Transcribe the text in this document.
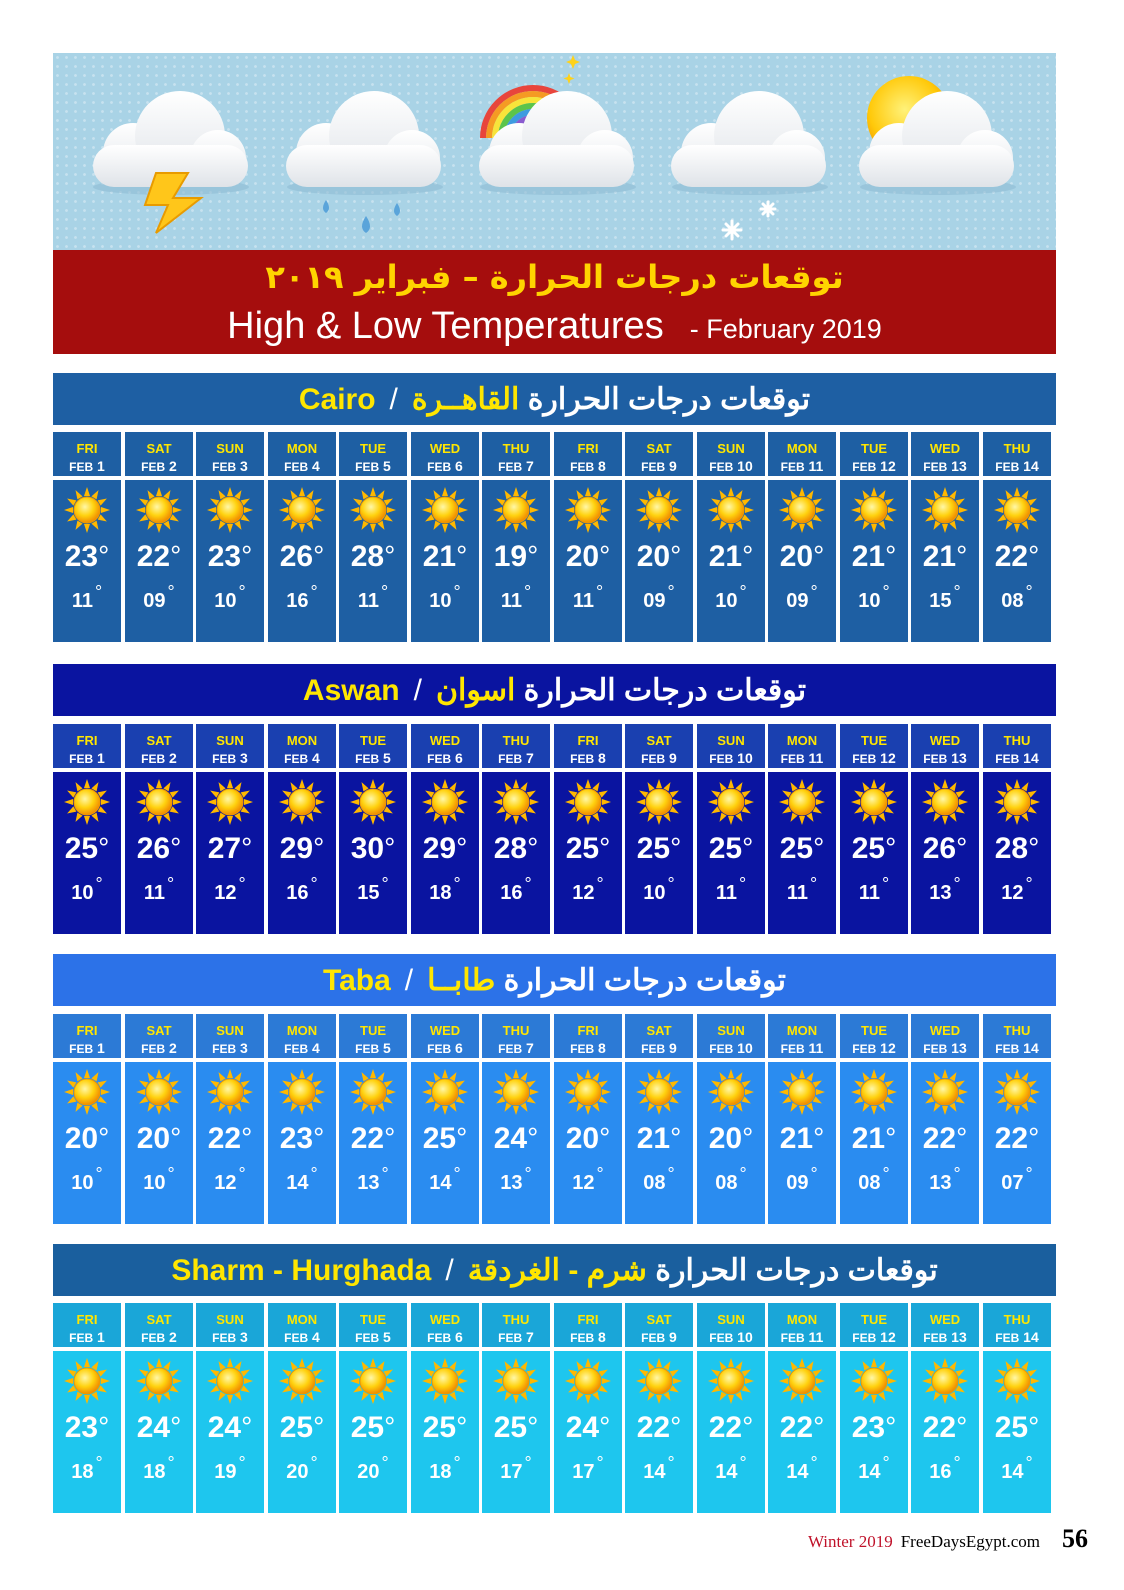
توقعات درجات الحرارة – فبراير ٢٠١٩
High & Low Temperatures - February 2019
Cairo /	توقعات درجات الحرارة القاهــرة
FRI
FEB 1
23°
11 °
SAT
FEB 2
22°
09 °
SUN
FEB 3
23°
10 °
MON
FEB 4
26°
16 °
TUE
FEB 5
28°
11 °
WED
FEB 6
21°
10 °
THU
FEB 7
19°
11 °
FRI
FEB 8
20°
11 °
SAT
FEB 9
20°
09 °
SUN
FEB 10
21°
10 °
MON
FEB 11
20°
09 °
TUE
FEB 12
21°
10 °
WED
FEB 13
21°
15 °
THU
FEB 14
22°
08 °
Aswan /	توقعات درجات الحرارة اسوان
FRI
FEB 1
25°
10 °
SAT
FEB 2
26°
11 °
SUN
FEB 3
27°
12 °
MON
FEB 4
29°
16 °
TUE
FEB 5
30°
15 °
WED
FEB 6
29°
18 °
THU
FEB 7
28°
16 °
FRI
FEB 8
25°
12 °
SAT
FEB 9
25°
10 °
SUN
FEB 10
25°
11 °
MON
FEB 11
25°
11 °
TUE
FEB 12
25°
11 °
WED
FEB 13
26°
13 °
THU
FEB 14
28°
12 °
Taba /	توقعات درجات الحرارة طابــا
FRI
FEB 1
20°
10 °
SAT
FEB 2
20°
10 °
SUN
FEB 3
22°
12 °
MON
FEB 4
23°
14 °
TUE
FEB 5
22°
13 °
WED
FEB 6
25°
14 °
THU
FEB 7
24°
13 °
FRI
FEB 8
20°
12 °
SAT
FEB 9
21°
08 °
SUN
FEB 10
20°
08 °
MON
FEB 11
21°
09 °
TUE
FEB 12
21°
08 °
WED
FEB 13
22°
13 °
THU
FEB 14
22°
07 °
Sharm - Hurghada /	توقعات درجات الحرارة شرم - الغردقة
FRI
FEB 1
23°
18 °
SAT
FEB 2
24°
18 °
SUN
FEB 3
24°
19 °
MON
FEB 4
25°
20 °
TUE
FEB 5
25°
20 °
WED
FEB 6
25°
18 °
THU
FEB 7
25°
17 °
FRI
FEB 8
24°
17 °
SAT
FEB 9
22°
14 °
SUN
FEB 10
22°
14 °
MON
FEB 11
22°
14 °
TUE
FEB 12
23°
14 °
WED
FEB 13
22°
16 °
THU
FEB 14
25°
14 °
Winter 2019 FreeDaysEgypt.com 56
